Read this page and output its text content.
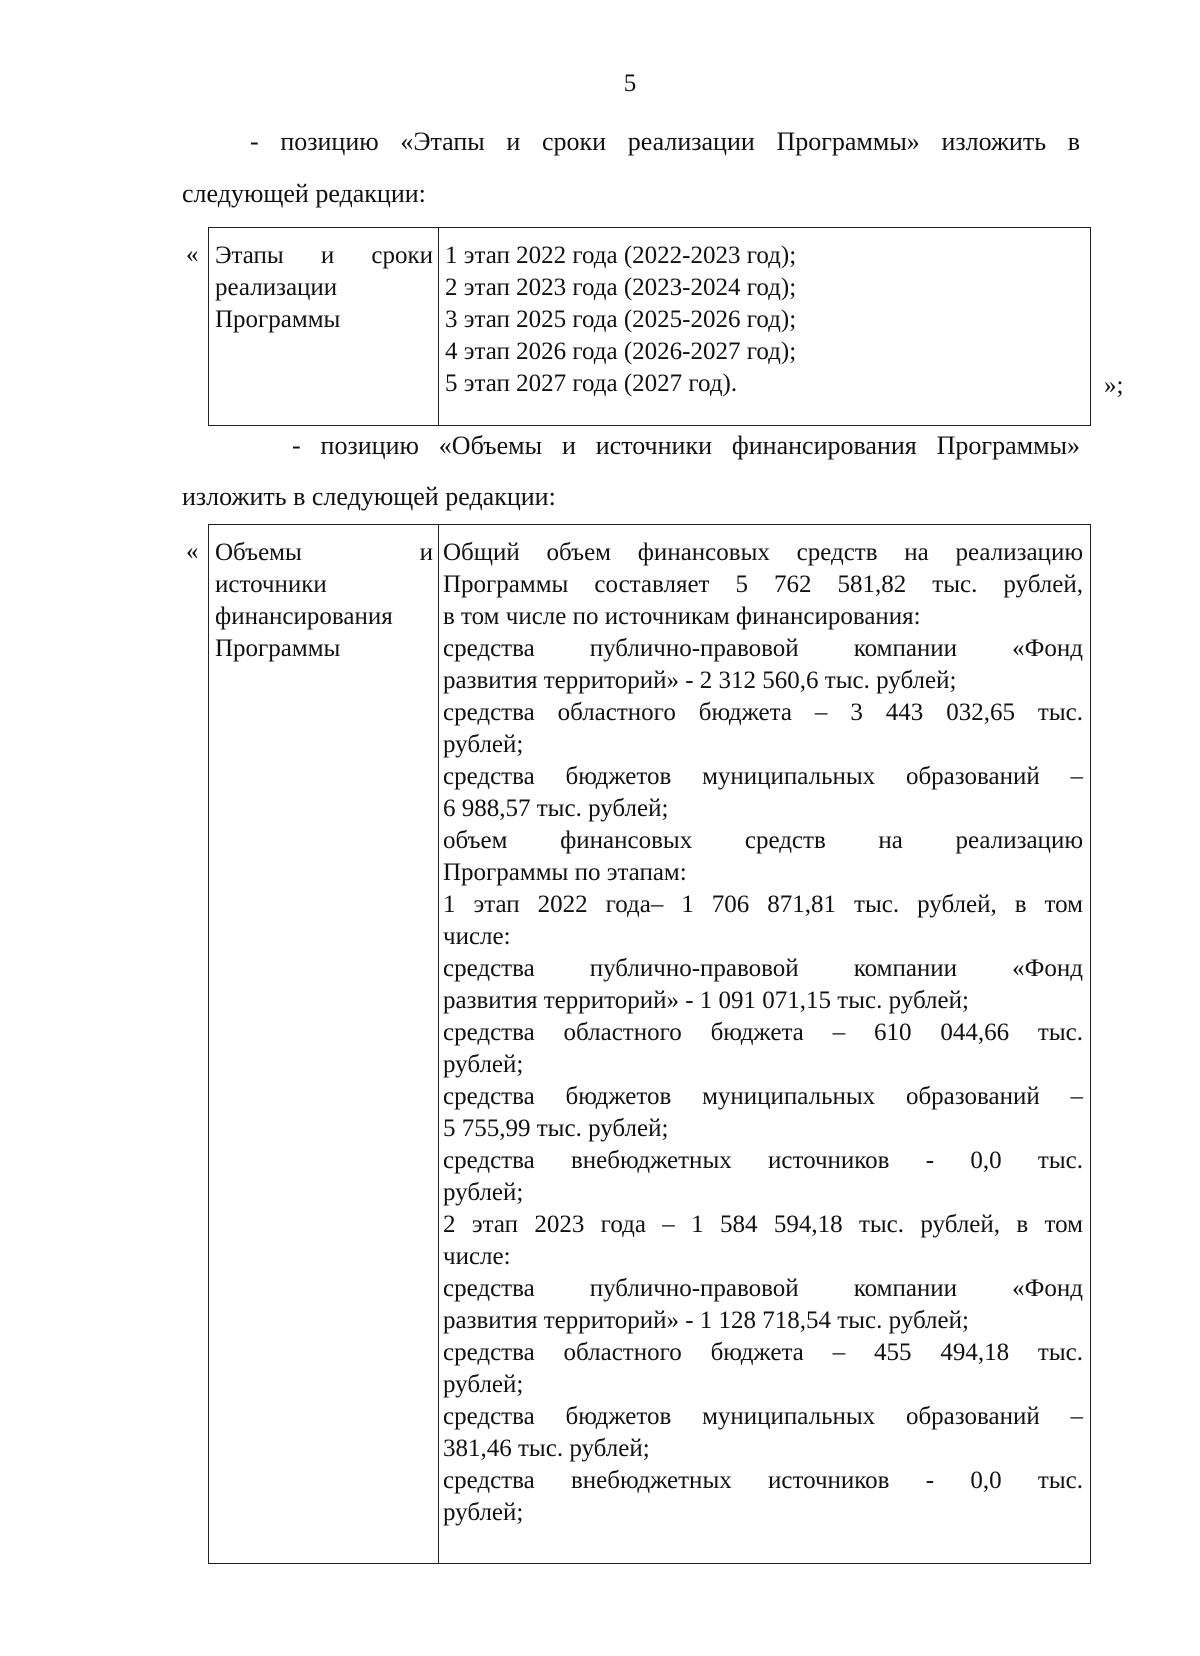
5

- позицию «Этапы и сроки реализации Программы» изложить в

следующей редакции:

« Этапы и сроки
реализации
Программы
1 этап 2022 года (2022-2023 год);
2 этап 2023 года (2023-2024 год);
3 этап 2025 года (2025-2026 год);
4 этап 2026 года (2026-2027 год);
5 этап 2027 года (2027 год).	»;

- позицию «Объемы и источники финансирования Программы»

изложить в следующей редакции:

« Объемы и
источники
финансирования
Программы
Общий объем финансовых средств на реализацию
Программы составляет 5 762 581,82 тыс. рублей,
в том числе по источникам финансирования:
средства публично-правовой компании «Фонд
развития территорий» - 2 312 560,6 тыс. рублей;
средства областного бюджета – 3 443 032,65 тыс.
рублей;
средства бюджетов муниципальных образований –
6 988,57 тыс. рублей;
объем финансовых средств на реализацию
Программы по этапам:
1 этап 2022 года– 1 706 871,81 тыс. рублей, в том
числе:
средства публично-правовой компании «Фонд
развития территорий» - 1 091 071,15 тыс. рублей;
средства областного бюджета – 610 044,66 тыс.
рублей;
средства бюджетов муниципальных образований –
5 755,99 тыс. рублей;
средства внебюджетных источников - 0,0 тыс.
рублей;
2 этап 2023 года – 1 584 594,18 тыс. рублей, в том
числе:
средства публично-правовой компании «Фонд
развития территорий» - 1 128 718,54 тыс. рублей;
средства областного бюджета – 455 494,18 тыс.
рублей;
средства бюджетов муниципальных образований –
381,46 тыс. рублей;
средства внебюджетных источников - 0,0 тыс.
рублей;
